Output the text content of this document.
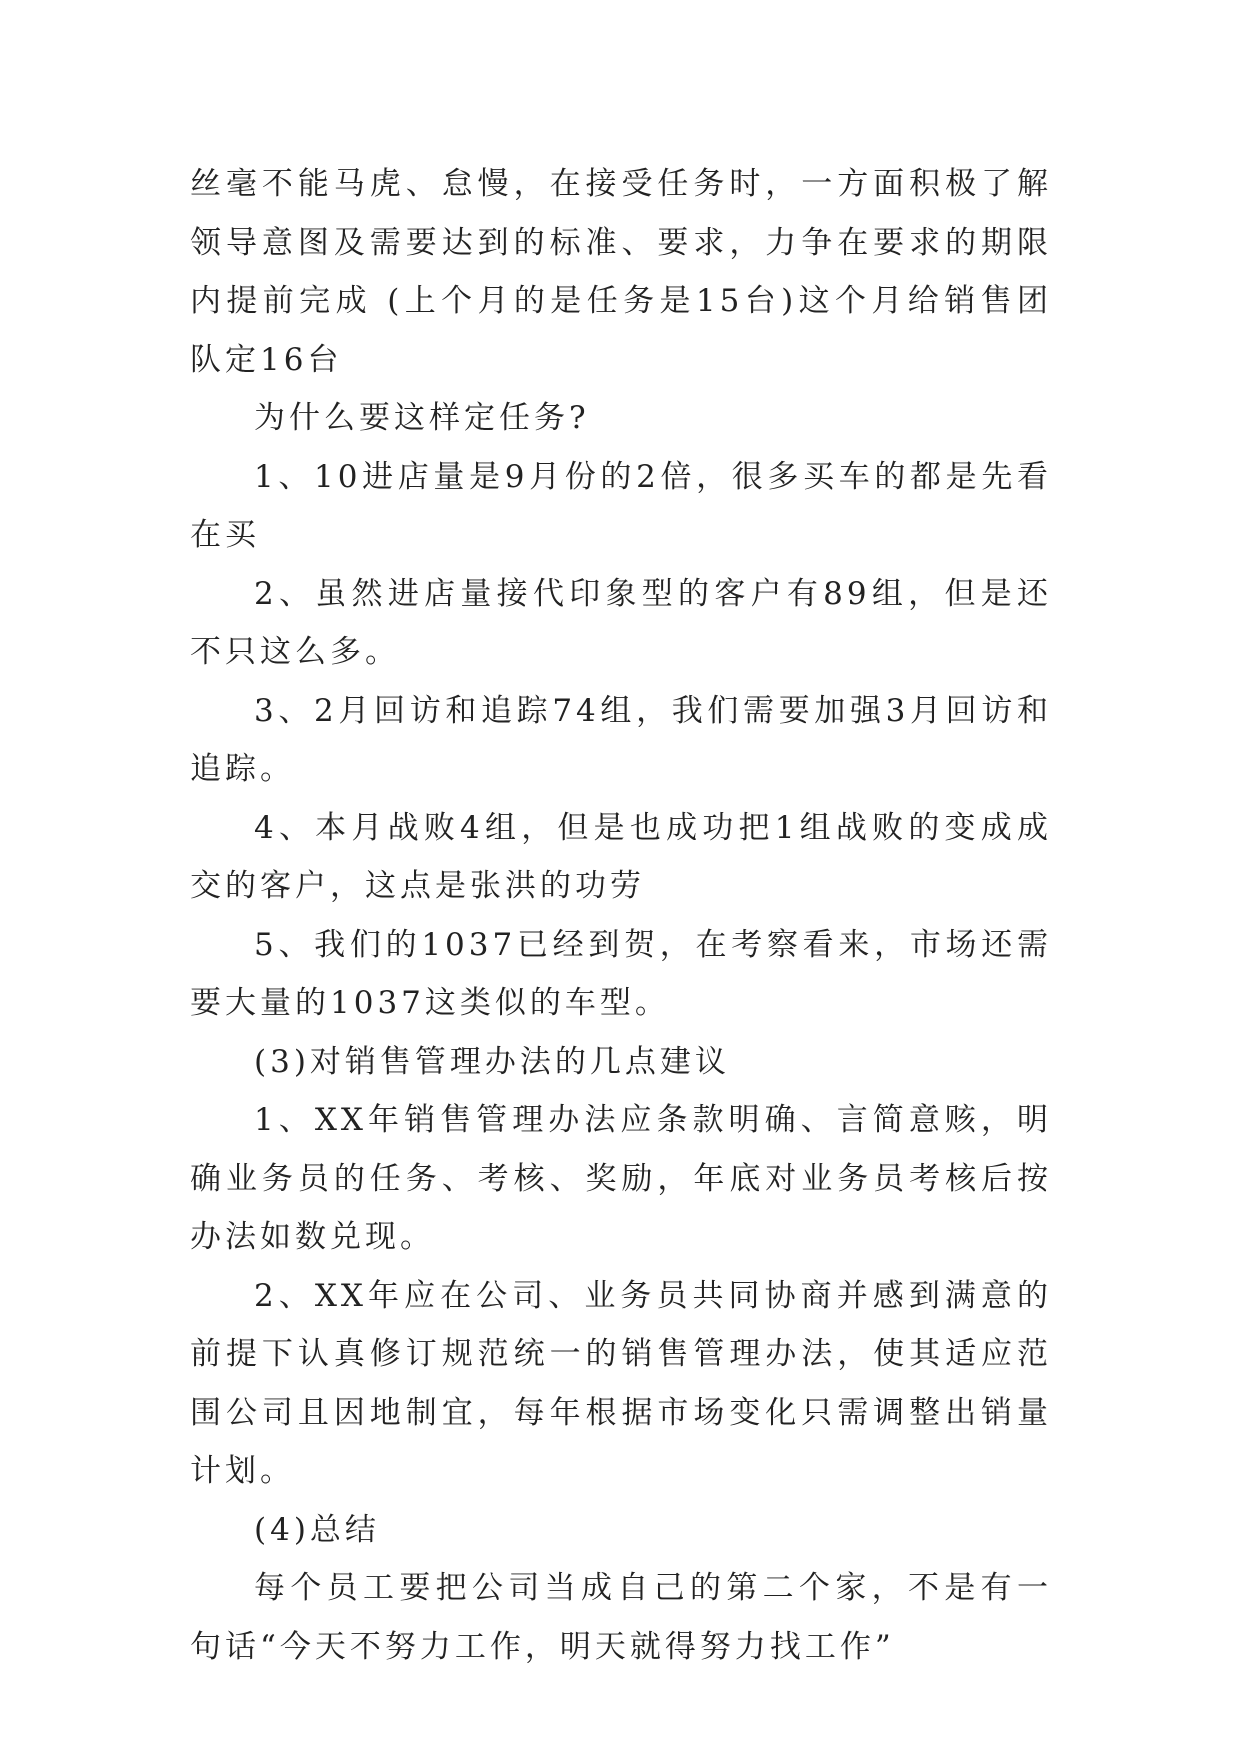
丝毫不能马虎、怠慢，在接受任务时，一方面积极了解领导意图及需要达到的标准、要求，力争在要求的期限内提前完成 (上个月的是任务是15台)这个月给销售团队定16台

为什么要这样定任务?

1、10进店量是9月份的2倍，很多买车的都是先看在买

2、虽然进店量接代印象型的客户有89组，但是还不只这么多。

3、2月回访和追踪74组，我们需要加强3月回访和追踪。

4、本月战败4组，但是也成功把1组战败的变成成交的客户，这点是张洪的功劳

5、我们的1037已经到贺，在考察看来，市场还需要大量的1037这类似的车型。

(3)对销售管理办法的几点建议

1、XX年销售管理办法应条款明确、言简意赅，明确业务员的任务、考核、奖励，年底对业务员考核后按办法如数兑现。

2、XX年应在公司、业务员共同协商并感到满意的前提下认真修订规范统一的销售管理办法，使其适应范围公司且因地制宜，每年根据市场变化只需调整出销量计划。

(4)总结

每个员工要把公司当成自己的第二个家，不是有一句话“今天不努力工作，明天就得努力找工作”
